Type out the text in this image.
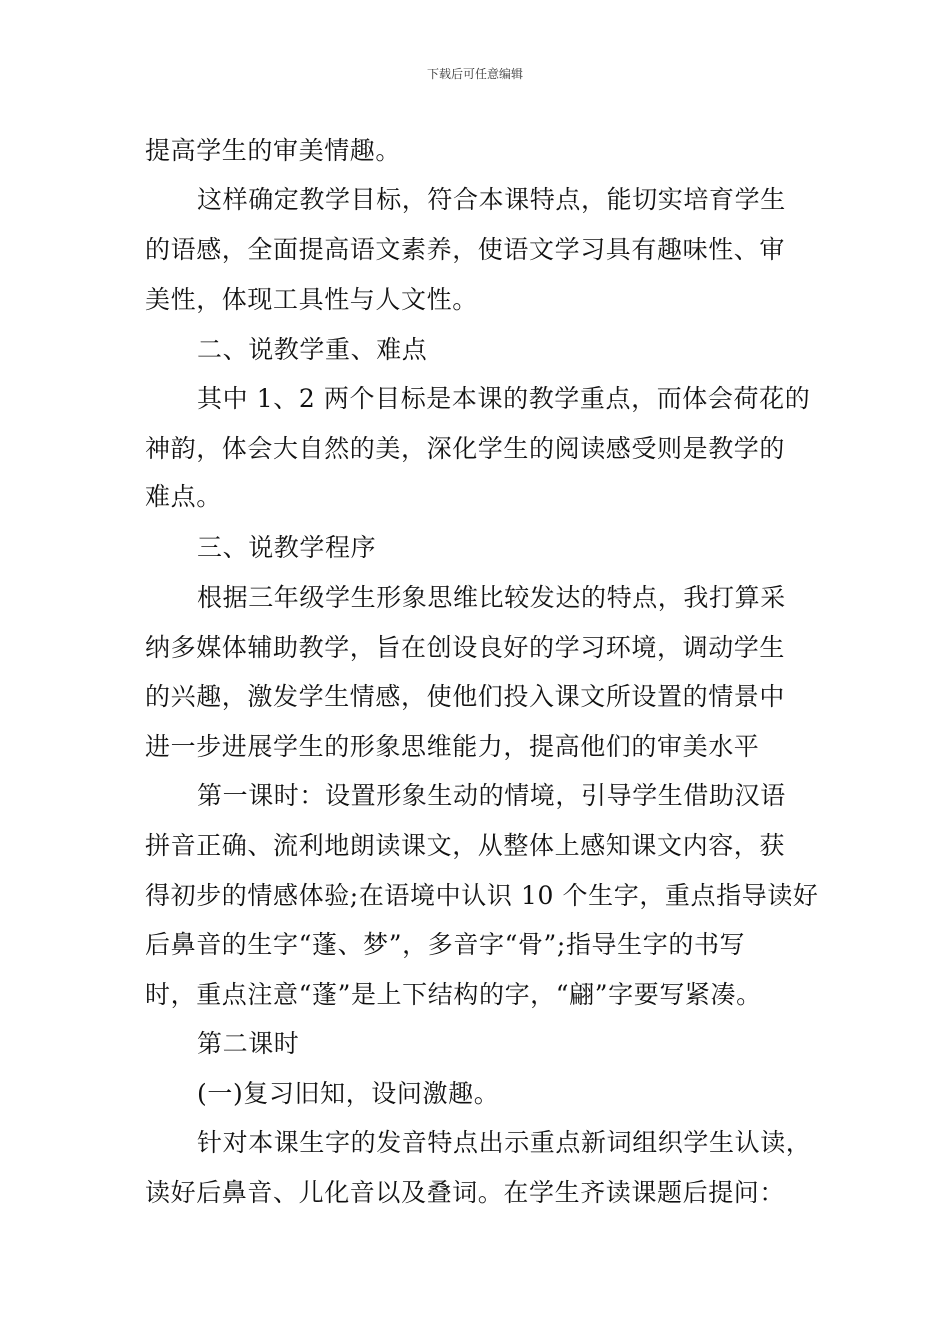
下载后可任意编辑
提高学生的审美情趣。
这样确定教学目标，符合本课特点，能切实培育学生
的语感，全面提高语文素养，使语文学习具有趣味性、审
美性，体现工具性与人文性。
二、说教学重、难点
其中 1、2 两个目标是本课的教学重点，而体会荷花的
神韵，体会大自然的美，深化学生的阅读感受则是教学的
难点。
三、说教学程序
根据三年级学生形象思维比较发达的特点，我打算采
纳多媒体辅助教学，旨在创设良好的学习环境，调动学生
的兴趣，激发学生情感，使他们投入课文所设置的情景中
进一步进展学生的形象思维能力，提高他们的审美水平
第一课时：设置形象生动的情境，引导学生借助汉语
拼音正确、流利地朗读课文，从整体上感知课文内容，获
得初步的情感体验;在语境中认识 10 个生字，重点指导读好
后鼻音的生字“蓬、梦”，多音字“骨”;指导生字的书写
时，重点注意“蓬”是上下结构的字，“翩”字要写紧凑。
第二课时
(一)复习旧知，设问激趣。
针对本课生字的发音特点出示重点新词组织学生认读，
读好后鼻音、儿化音以及叠词。在学生齐读课题后提问：
